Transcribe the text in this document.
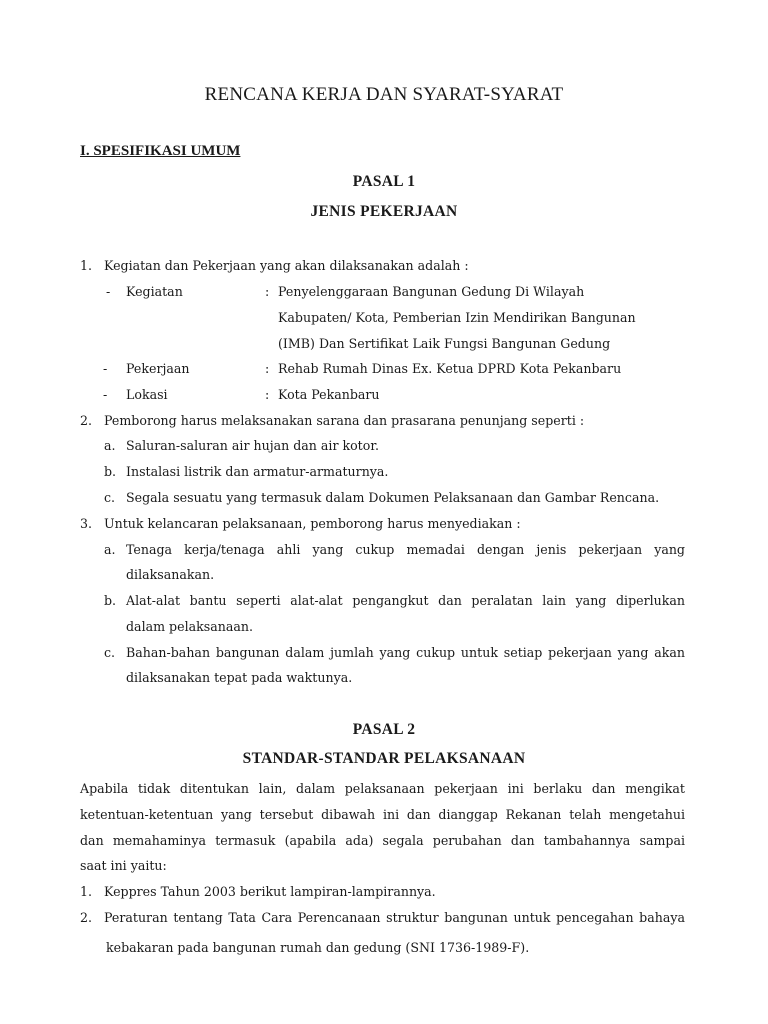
RENCANA KERJA DAN SYARAT-SYARAT
I. SPESIFIKASI UMUM
PASAL 1
JENIS PEKERJAAN
1. Kegiatan dan Pekerjaan yang akan dilaksanakan adalah :
- Kegiatan	: Penyelenggaraan Bangunan Gedung Di Wilayah
Kabupaten/ Kota, Pemberian Izin Mendirikan Bangunan
(IMB) Dan Sertifikat Laik Fungsi Bangunan Gedung
- Pekerjaan	: Rehab Rumah Dinas Ex. Ketua DPRD Kota Pekanbaru
- Lokasi	: Kota Pekanbaru
2. Pemborong harus melaksanakan sarana dan prasarana penunjang seperti :
a. Saluran-saluran air hujan dan air kotor.
b. Instalasi listrik dan armatur-armaturnya.
c. Segala sesuatu yang termasuk dalam Dokumen Pelaksanaan dan Gambar Rencana.
3. Untuk kelancaran pelaksanaan, pemborong harus menyediakan :
a. Tenaga kerja/tenaga ahli yang cukup memadai dengan jenis pekerjaan yang
dilaksanakan.
b. Alat-alat bantu seperti alat-alat pengangkut dan peralatan lain yang diperlukan
dalam pelaksanaan.
c. Bahan-bahan bangunan dalam jumlah yang cukup untuk setiap pekerjaan yang akan
dilaksanakan tepat pada waktunya.
PASAL 2
STANDAR-STANDAR PELAKSANAAN
Apabila tidak ditentukan lain, dalam pelaksanaan pekerjaan ini berlaku dan mengikat
ketentuan-ketentuan yang tersebut dibawah ini dan dianggap Rekanan telah mengetahui
dan memahaminya termasuk (apabila ada) segala perubahan dan tambahannya sampai
saat ini yaitu:
1. Keppres Tahun 2003 berikut lampiran-lampirannya.
2. Peraturan tentang Tata Cara Perencanaan struktur bangunan untuk pencegahan bahaya
kebakaran pada bangunan rumah dan gedung (SNI 1736-1989-F).
